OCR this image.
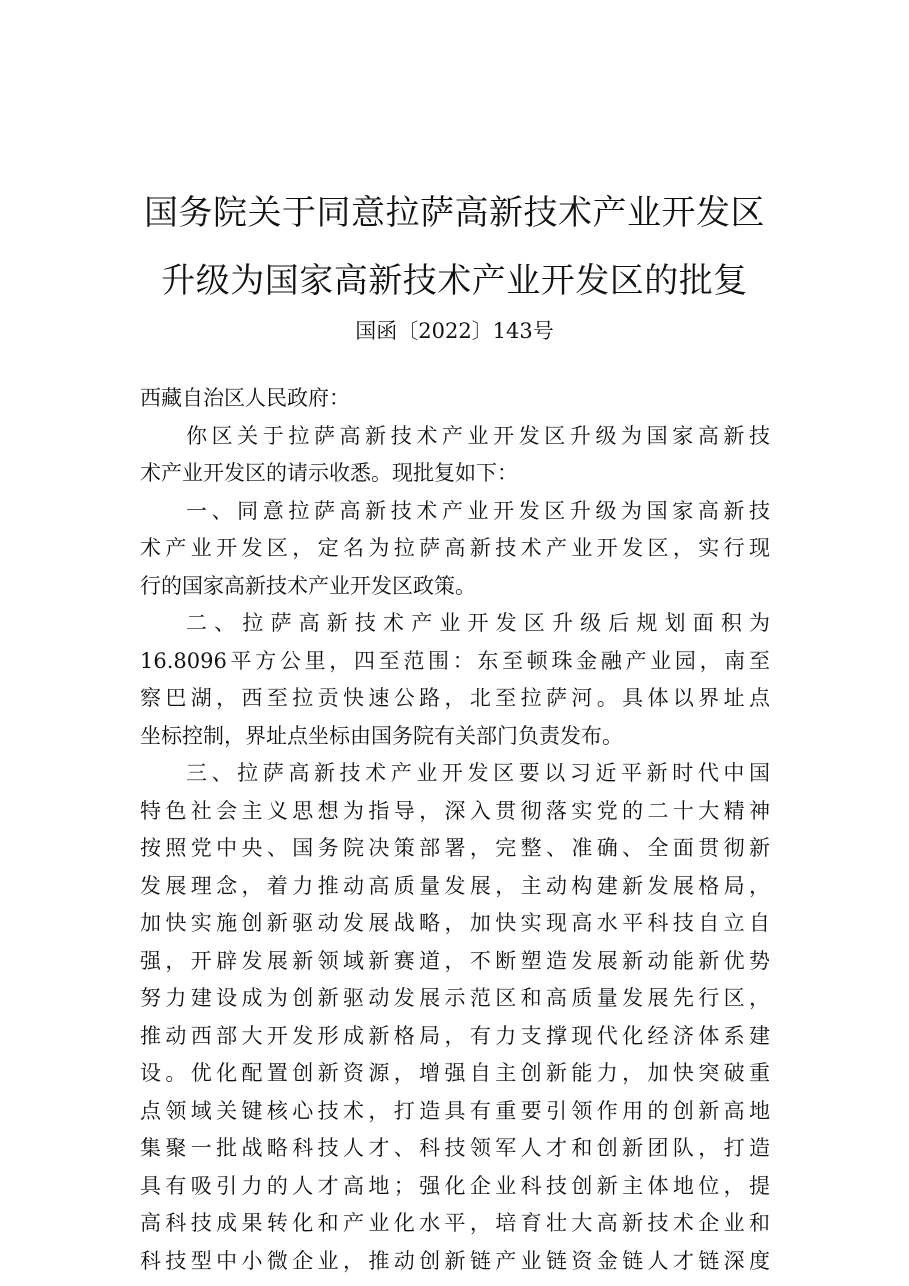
国务院关于同意拉萨高新技术产业开发区
升级为国家高新技术产业开发区的批复
国函〔2022〕143号
西藏自治区人民政府：
你区关于拉萨高新技术产业开发区升级为国家高新技
术产业开发区的请示收悉。现批复如下：
一、同意拉萨高新技术产业开发区升级为国家高新技
术产业开发区，定名为拉萨高新技术产业开发区，实行现
行的国家高新技术产业开发区政策。
二、拉萨高新技术产业开发区升级后规划面积为
16.8096平方公里，四至范围：东至顿珠金融产业园，南至
察巴湖，西至拉贡快速公路，北至拉萨河。具体以界址点
坐标控制，界址点坐标由国务院有关部门负责发布。
三、拉萨高新技术产业开发区要以习近平新时代中国
特色社会主义思想为指导，深入贯彻落实党的二十大精神
按照党中央、国务院决策部署，完整、准确、全面贯彻新
发展理念，着力推动高质量发展，主动构建新发展格局，
加快实施创新驱动发展战略，加快实现高水平科技自立自
强，开辟发展新领域新赛道，不断塑造发展新动能新优势
努力建设成为创新驱动发展示范区和高质量发展先行区，
推动西部大开发形成新格局，有力支撑现代化经济体系建
设。优化配置创新资源，增强自主创新能力，加快突破重
点领域关键核心技术，打造具有重要引领作用的创新高地
集聚一批战略科技人才、科技领军人才和创新团队，打造
具有吸引力的人才高地；强化企业科技创新主体地位，提
高科技成果转化和产业化水平，培育壮大高新技术企业和
科技型中小微企业，推动创新链产业链资金链人才链深度
